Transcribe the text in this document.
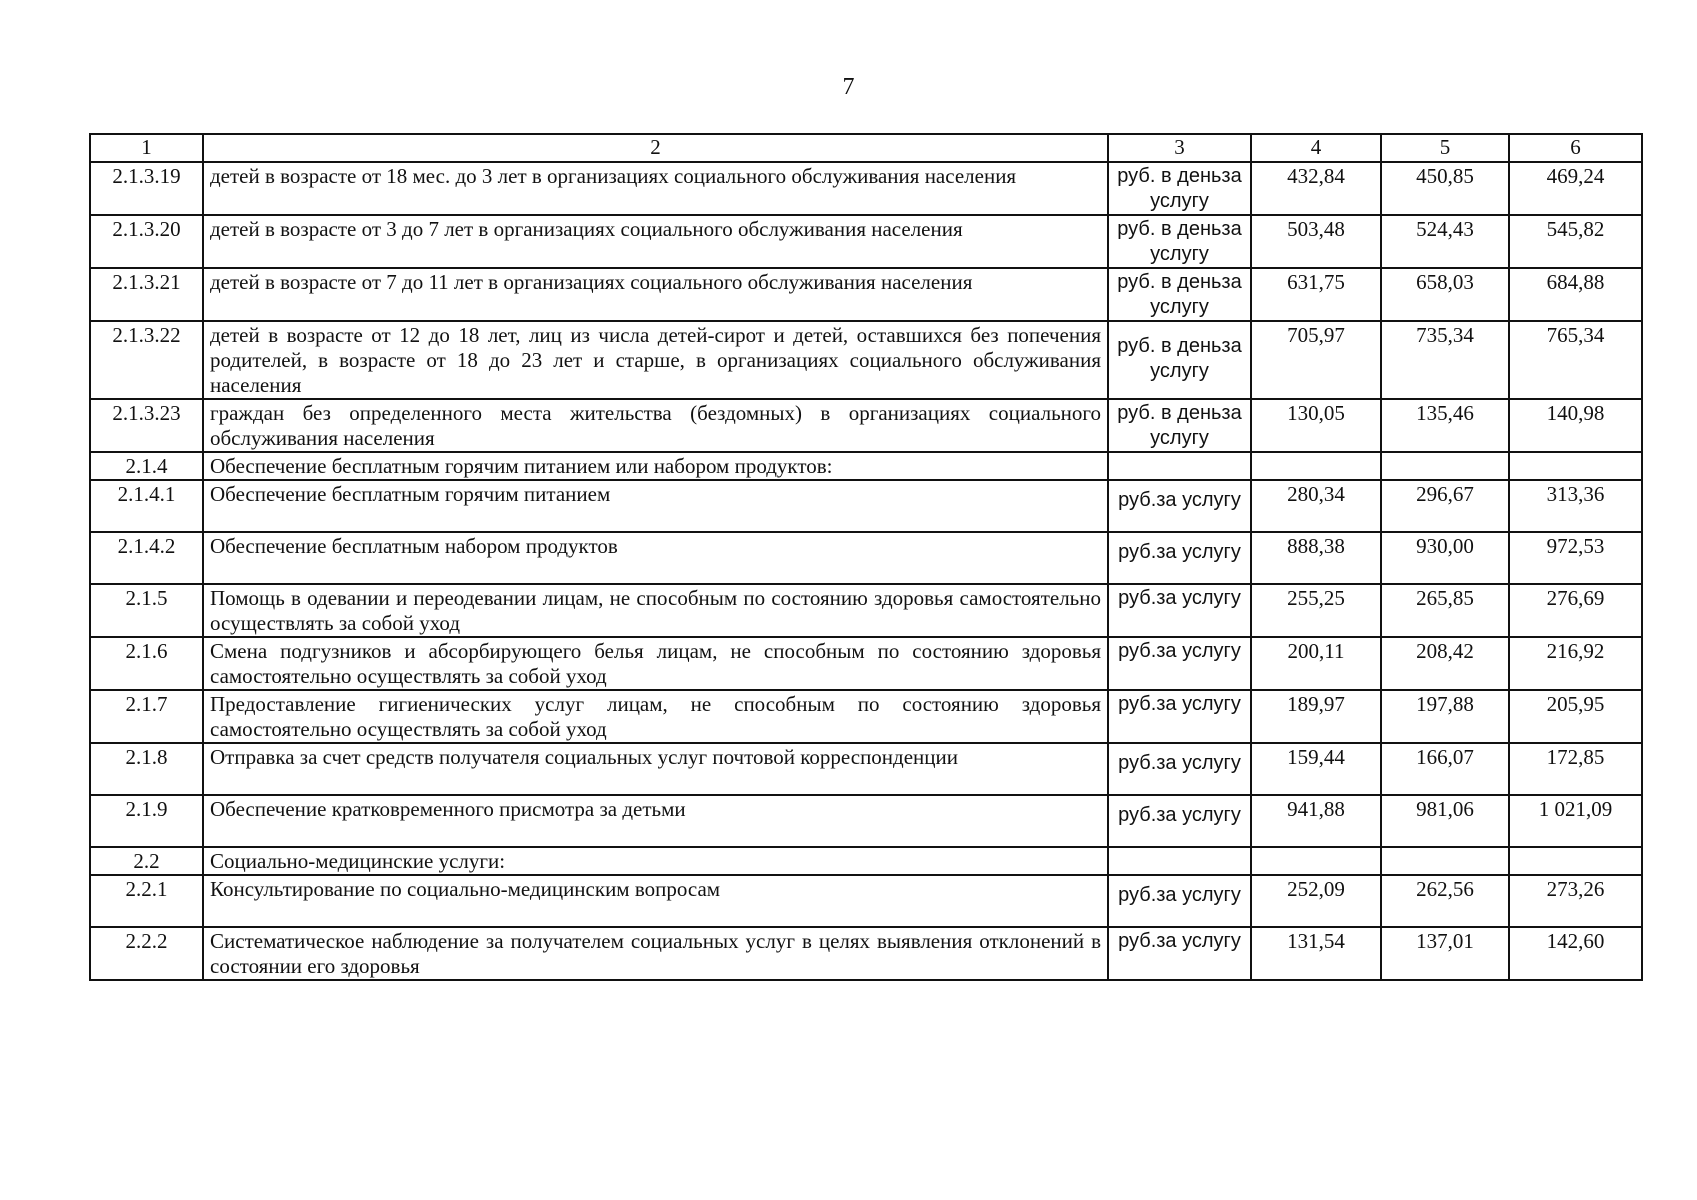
7
1	2	3	4	5	6
2.1.3.19	детей в возрасте от 18 мес. до 3 лет в организациях социального обслуживания населения	руб. в деньза услугу	432,84	450,85	469,24
2.1.3.20	детей в возрасте от 3 до 7 лет в организациях социального обслуживания населения	руб. в деньза услугу	503,48	524,43	545,82
2.1.3.21	детей в возрасте от 7 до 11 лет в организациях социального обслуживания населения	руб. в деньза услугу	631,75	658,03	684,88
2.1.3.22	детей в возрасте от 12 до 18 лет, лиц из числа детей-сирот и детей, оставшихся без попечения родителей, в возрасте от 18 до 23 лет и старше, в организациях социального обслуживания населения	руб. в деньза услугу	705,97	735,34	765,34
2.1.3.23	граждан без определенного места жительства (бездомных) в организациях социального обслуживания населения	руб. в деньза услугу	130,05	135,46	140,98
2.1.4	Обеспечение бесплатным горячим питанием или набором продуктов:				
2.1.4.1	Обеспечение бесплатным горячим питанием	руб.за услугу	280,34	296,67	313,36
2.1.4.2	Обеспечение бесплатным набором продуктов	руб.за услугу	888,38	930,00	972,53
2.1.5	Помощь в одевании и переодевании лицам, не способным по состоянию здоровья самостоятельно осуществлять за собой уход	руб.за услугу	255,25	265,85	276,69
2.1.6	Смена подгузников и абсорбирующего белья лицам, не способным по состоянию здоровья самостоятельно осуществлять за собой уход	руб.за услугу	200,11	208,42	216,92
2.1.7	Предоставление гигиенических услуг лицам, не способным по состоянию здоровья самостоятельно осуществлять за собой уход	руб.за услугу	189,97	197,88	205,95
2.1.8	Отправка за счет средств получателя социальных услуг почтовой корреспонденции	руб.за услугу	159,44	166,07	172,85
2.1.9	Обеспечение кратковременного присмотра за детьми	руб.за услугу	941,88	981,06	1 021,09
2.2	Социально-медицинские услуги:				
2.2.1	Консультирование по социально-медицинским вопросам	руб.за услугу	252,09	262,56	273,26
2.2.2	Систематическое наблюдение за получателем социальных услуг в целях выявления отклонений в состоянии его здоровья	руб.за услугу	131,54	137,01	142,60
